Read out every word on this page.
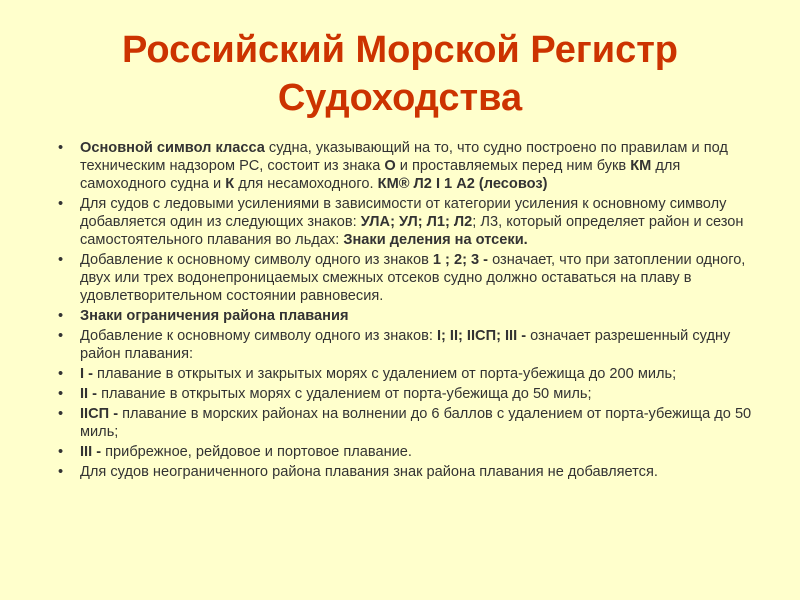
Российский Морской Регистр
Судоходства
• Основной символ класса судна, указывающий на то, что судно построено по правилам и под техническим надзором РС, состоит из знака О и проставляемых перед ним букв КМ для самоходного судна и К для несамоходного. КМ® Л2 I 1 А2 (лесовоз)
• Для судов с ледовыми усилениями в зависимости от категории усиления к основному символу добавляется один из следующих знаков: УЛА; УЛ; Л1; Л2; Л3, который определяет район и сезон самостоятельного плавания во льдах: Знаки деления на отсеки.
• Добавление к основному символу одного из знаков 1 ; 2; 3 - означает, что при затоплении одного, двух или трех водонепроницаемых смежных отсеков судно должно оставаться на плаву в удовлетворительном состоянии равновесия.
• Знаки ограничения района плавания
• Добавление к основному символу одного из знаков: I; II; IIСП; III - означает разрешенный судну район плавания:
• I - плавание в открытых и закрытых морях с удалением от порта-убежища до 200 миль;
• II - плавание в открытых морях с удалением от порта-убежища до 50 миль;
• IIСП - плавание в морских районах на волнении до 6 баллов с удалением от порта-убежища до 50 миль;
• III - прибрежное, рейдовое и портовое плавание.
• Для судов неограниченного района плавания знак района плавания не добавляется.
